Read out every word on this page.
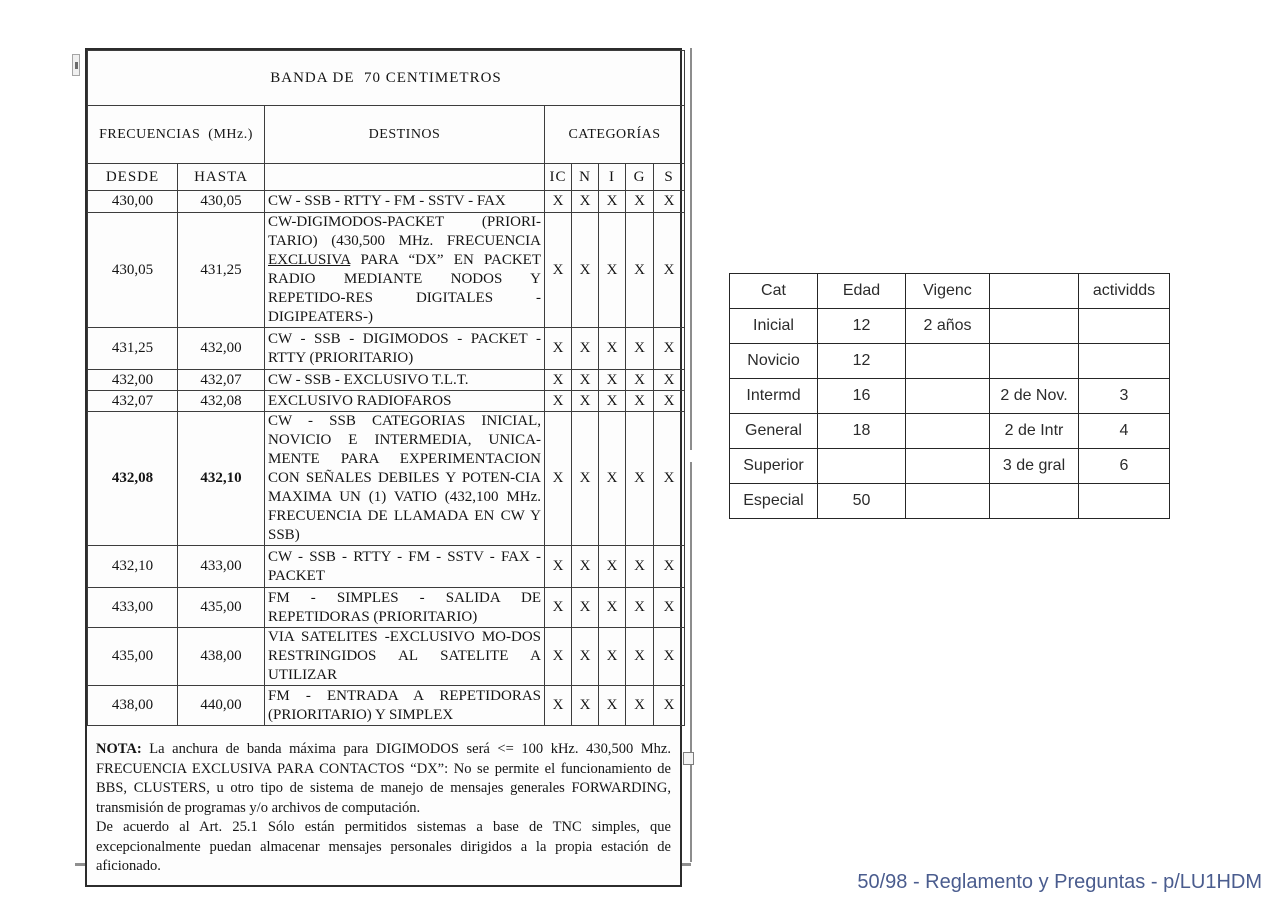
BANDA DE  70 CENTIMETROS							
FRECUENCIAS  (MHz.)		DESTINOS	CATEGORÍAS				
DESDE	HASTA		IC	N	I	G	S
430,00	430,05	CW - SSB - RTTY - FM - SSTV - FAX	X	X	X	X	X
430,05	431,25	CW-DIGIMODOS-PACKET (PRIORI-TARIO) (430,500 MHz. FRECUENCIA EXCLUSIVA PARA “DX” EN PACKET RADIO MEDIANTE NODOS Y REPETIDO-RES DIGITALES -DIGIPEATERS-)	X	X	X	X	X
431,25	432,00	CW - SSB - DIGIMODOS - PACKET - RTTY (PRIORITARIO)	X	X	X	X	X
432,00	432,07	CW - SSB - EXCLUSIVO T.L.T.	X	X	X	X	X
432,07	432,08	EXCLUSIVO RADIOFAROS	X	X	X	X	X
432,08	432,10	CW - SSB CATEGORIAS INICIAL, NOVICIO E INTERMEDIA, UNICA-MENTE PARA EXPERIMENTACION CON SEÑALES DEBILES Y POTEN-CIA MAXIMA UN (1) VATIO (432,100 MHz. FRECUENCIA DE LLAMADA EN CW Y SSB)	X	X	X	X	X
432,10	433,00	CW - SSB - RTTY - FM - SSTV - FAX - PACKET	X	X	X	X	X
433,00	435,00	FM - SIMPLES - SALIDA DE REPETIDORAS (PRIORITARIO)	X	X	X	X	X
435,00	438,00	VIA SATELITES -EXCLUSIVO MO-DOS RESTRINGIDOS AL SATELITE A UTILIZAR	X	X	X	X	X
438,00	440,00	FM - ENTRADA A REPETIDORAS (PRIORITARIO) Y SIMPLEX	X	X	X	X	X

NOTA: La anchura de banda máxima para DIGIMODOS será <= 100 kHz. 430,500 Mhz. FRECUENCIA EXCLUSIVA PARA CONTACTOS “DX”: No se permite el funcionamiento de BBS, CLUSTERS, u otro tipo de sistema de manejo de mensajes generales FORWARDING, transmisión de programas y/o archivos de computación.

De acuerdo al Art. 25.1 Sólo están permitidos sistemas a base de TNC simples, que excepcionalmente puedan almacenar mensajes personales dirigidos a la propia estación de aficionado.

Cat	Edad	Vigenc		actividds
Inicial	12	2 años		
Novicio	12			
Intermd	16		2 de Nov.	3
General	18		2 de Intr	4
Superior			3 de gral	6
Especial	50			
50/98 - Reglamento y Preguntas - p/LU1HDM
